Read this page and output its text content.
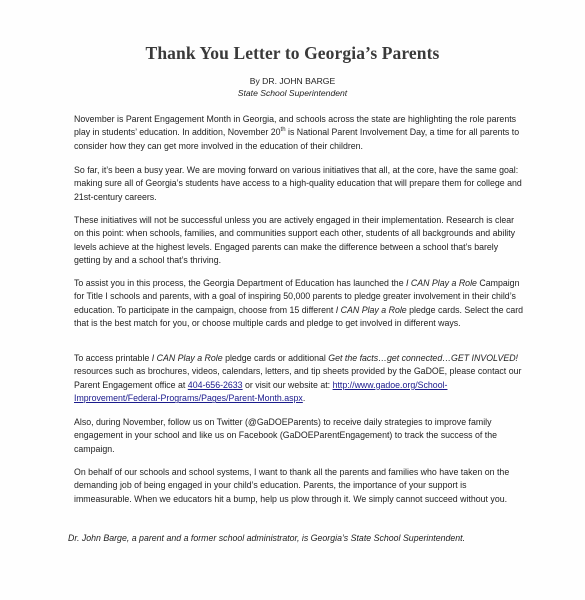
Thank You Letter to Georgia’s Parents
By DR. JOHN BARGE
State School Superintendent
November is Parent Engagement Month in Georgia, and schools across the state are highlighting the role parents play in students’ education. In addition, November 20th is National Parent Involvement Day, a time for all parents to consider how they can get more involved in the education of their children.
So far, it’s been a busy year. We are moving forward on various initiatives that all, at the core, have the same goal: making sure all of Georgia’s students have access to a high-quality education that will prepare them for college and 21st-century careers.
These initiatives will not be successful unless you are actively engaged in their implementation. Research is clear on this point: when schools, families, and communities support each other, students of all backgrounds and ability levels achieve at the highest levels. Engaged parents can make the difference between a school that’s barely getting by and a school that’s thriving.
To assist you in this process, the Georgia Department of Education has launched the I CAN Play a Role Campaign for Title I schools and parents, with a goal of inspiring 50,000 parents to pledge greater involvement in their child’s education. To participate in the campaign, choose from 15 different I CAN Play a Role pledge cards. Select the card that is the best match for you, or choose multiple cards and pledge to get involved in different ways.
To access printable I CAN Play a Role pledge cards or additional Get the facts…get connected…GET INVOLVED! resources such as brochures, videos, calendars, letters, and tip sheets provided by the GaDOE, please contact our Parent Engagement office at 404-656-2633 or visit our website at: http://www.gadoe.org/School-Improvement/Federal-Programs/Pages/Parent-Month.aspx.
Also, during November, follow us on Twitter (@GaDOEParents) to receive daily strategies to improve family engagement in your school and like us on Facebook (GaDOEParentEngagement) to track the success of the campaign.
On behalf of our schools and school systems, I want to thank all the parents and families who have taken on the demanding job of being engaged in your child’s education. Parents, the importance of your support is immeasurable. When we educators hit a bump, help us plow through it. We simply cannot succeed without you.
Dr. John Barge, a parent and a former school administrator, is Georgia’s State School Superintendent.
